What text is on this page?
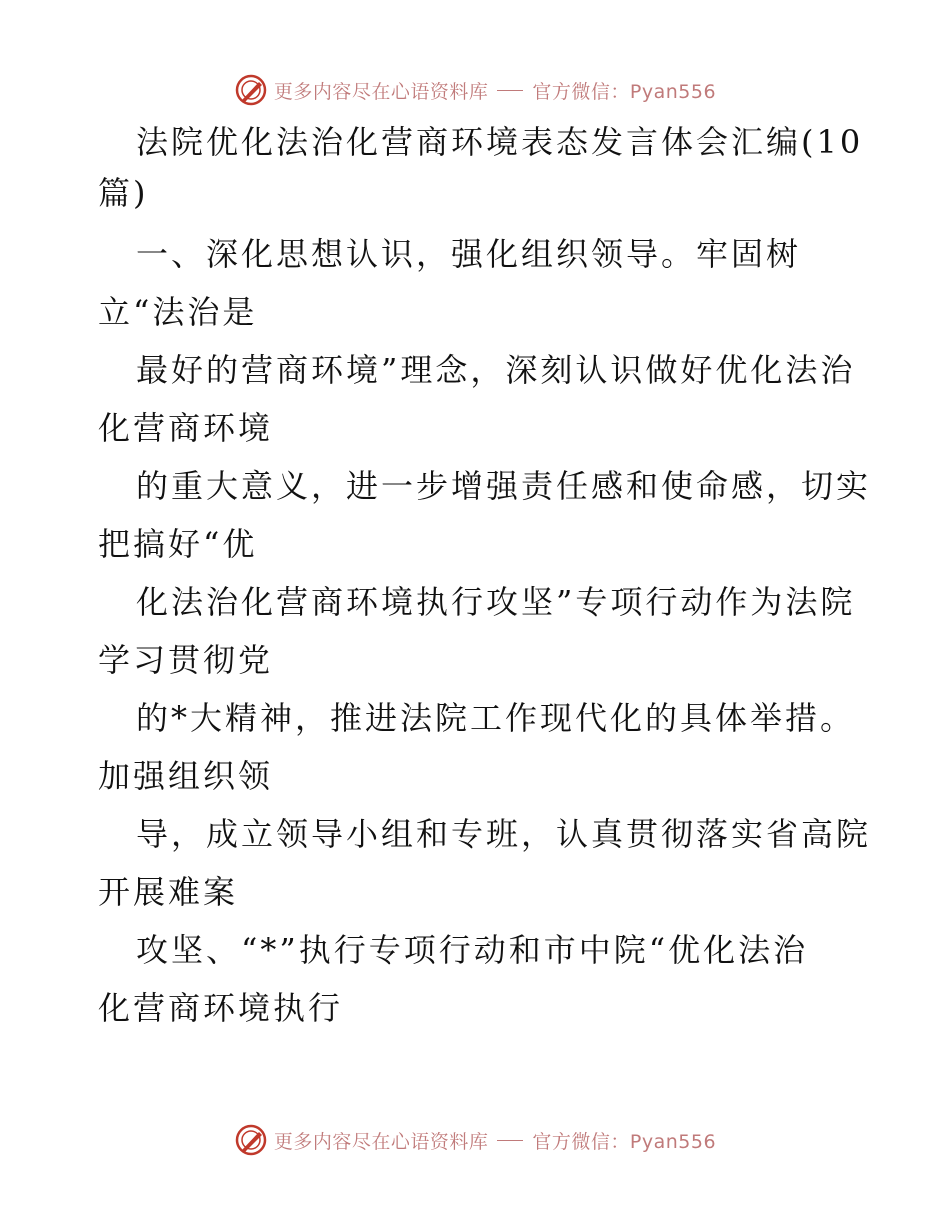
更多内容尽在心语资料库 官方微信：Pyan556
法院优化法治化营商环境表态发言体会汇编(10
篇)
一、深化思想认识，强化组织领导。牢固树
立“法治是
最好的营商环境”理念，深刻认识做好优化法治
化营商环境
的重大意义，进一步增强责任感和使命感，切实
把搞好“优
化法治化营商环境执行攻坚”专项行动作为法院
学习贯彻党
的*大精神，推进法院工作现代化的具体举措。
加强组织领
导，成立领导小组和专班，认真贯彻落实省高院
开展难案
攻坚、“*”执行专项行动和市中院“优化法治
化营商环境执行
更多内容尽在心语资料库 官方微信：Pyan556
